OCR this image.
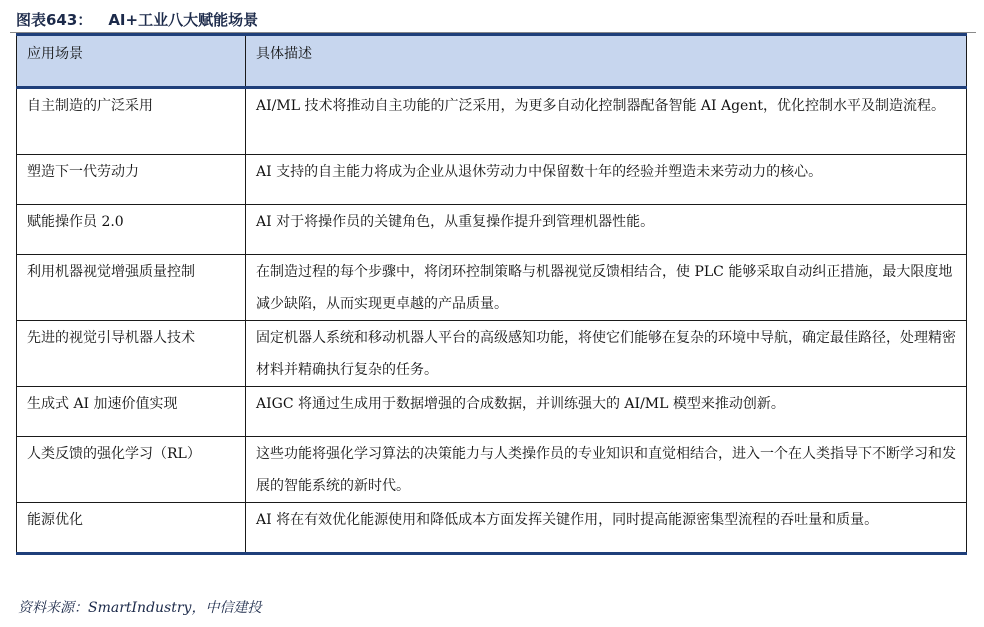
图表643： AI+工业八大赋能场景
应用场景	具体描述
自主制造的广泛采用	AI/ML 技术将推动自主功能的广泛采用，为更多自动化控制器配备智能 AI Agent，优化控制水平及制造流程。
塑造下一代劳动力	AI 支持的自主能力将成为企业从退休劳动力中保留数十年的经验并塑造未来劳动力的核心。
赋能操作员 2.0	AI 对于将操作员的关键角色，从重复操作提升到管理机器性能。
利用机器视觉增强质量控制	在制造过程的每个步骤中，将闭环控制策略与机器视觉反馈相结合，使 PLC 能够采取自动纠正措施，最大限度地减少缺陷，从而实现更卓越的产品质量。
先进的视觉引导机器人技术	固定机器人系统和移动机器人平台的高级感知功能，将使它们能够在复杂的环境中导航，确定最佳路径，处理精密材料并精确执行复杂的任务。
生成式 AI 加速价值实现	AIGC 将通过生成用于数据增强的合成数据，并训练强大的 AI/ML 模型来推动创新。
人类反馈的强化学习（RL）	这些功能将强化学习算法的决策能力与人类操作员的专业知识和直觉相结合，进入一个在人类指导下不断学习和发展的智能系统的新时代。
能源优化	AI 将在有效优化能源使用和降低成本方面发挥关键作用，同时提高能源密集型流程的吞吐量和质量。
资料来源：SmartIndustry，中信建投
